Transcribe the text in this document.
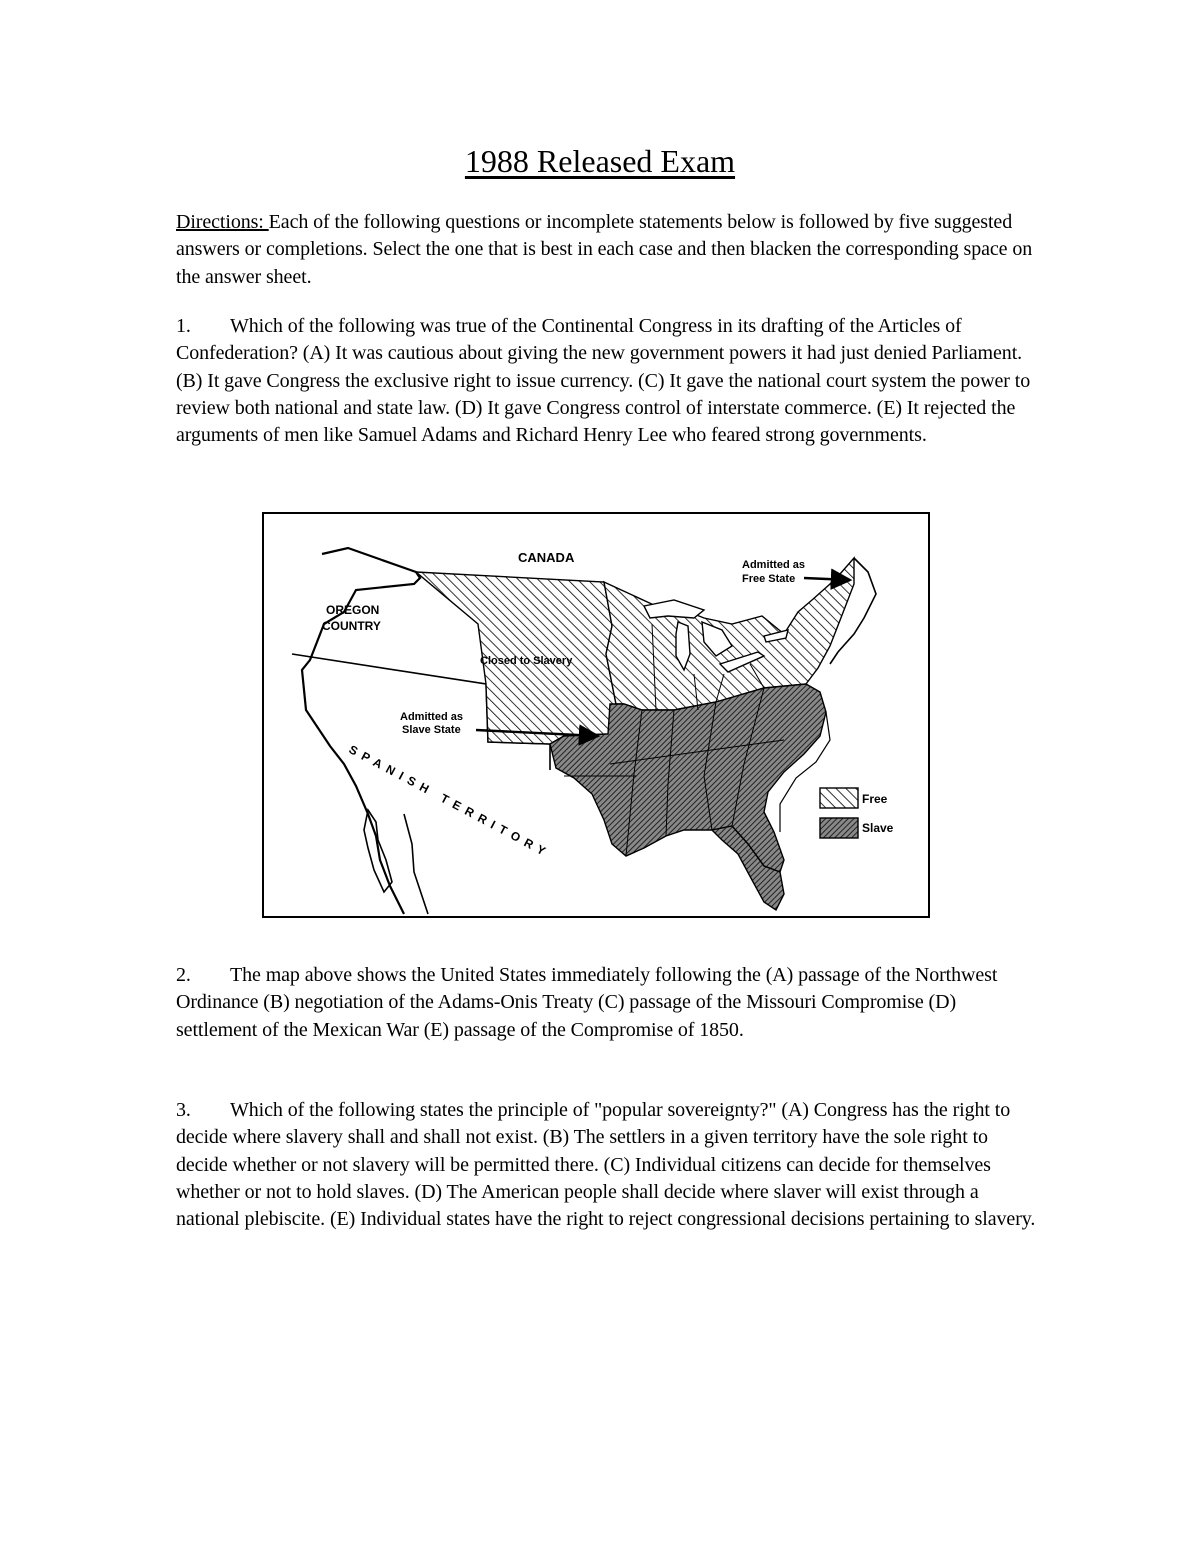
1988 Released Exam
Directions: Each of the following questions or incomplete statements below is followed by five suggested answers or completions. Select the one that is best in each case and then blacken the corresponding space on the answer sheet.
1. Which of the following was true of the Continental Congress in its drafting of the Articles of Confederation? (A) It was cautious about giving the new government powers it had just denied Parliament. (B) It gave Congress the exclusive right to issue currency. (C) It gave the national court system the power to review both national and state law. (D) It gave Congress control of interstate commerce. (E) It rejected the arguments of men like Samuel Adams and Richard Henry Lee who feared strong governments.
CANADA
OREGON
COUNTRY
Closed to Slavery
Admitted as
Slave State
Admitted as
Free State
SPANISH TERRITORY	Free
Slave
2. The map above shows the United States immediately following the (A) passage of the Northwest Ordinance (B) negotiation of the Adams-Onis Treaty (C) passage of the Missouri Compromise (D) settlement of the Mexican War (E) passage of the Compromise of 1850.
3. Which of the following states the principle of "popular sovereignty?" (A) Congress has the right to decide where slavery shall and shall not exist. (B) The settlers in a given territory have the sole right to decide whether or not slavery will be permitted there. (C) Individual citizens can decide for themselves whether or not to hold slaves. (D) The American people shall decide where slaver will exist through a national plebiscite. (E) Individual states have the right to reject congressional decisions pertaining to slavery.
